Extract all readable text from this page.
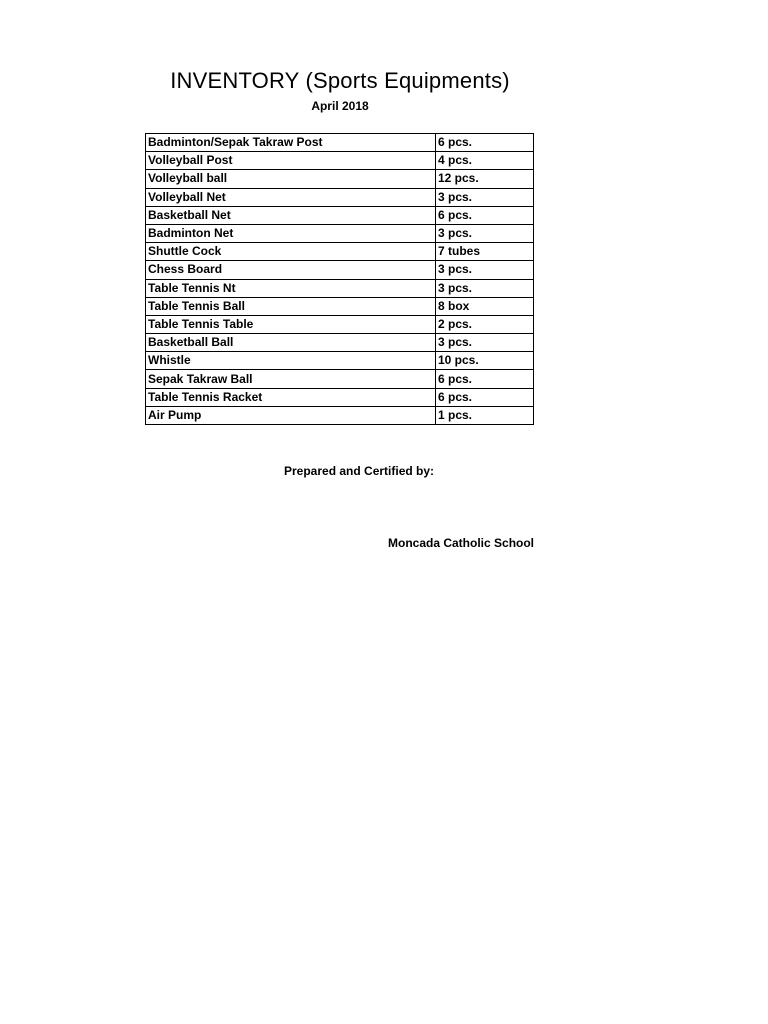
INVENTORY (Sports Equipments)
April 2018
Badminton/Sepak Takraw Post	6 pcs.
Volleyball Post	4 pcs.
Volleyball ball	12 pcs.
Volleyball Net	3 pcs.
Basketball Net	6 pcs.
Badminton Net	3 pcs.
Shuttle Cock	7 tubes
Chess Board	3 pcs.
Table Tennis Nt	3 pcs.
Table Tennis Ball	8 box
Table Tennis Table	2 pcs.
Basketball Ball	3 pcs.
Whistle	10 pcs.
Sepak Takraw Ball	6 pcs.
Table Tennis Racket	6 pcs.
Air Pump	1 pcs.
Prepared and Certified by:
Moncada Catholic School
